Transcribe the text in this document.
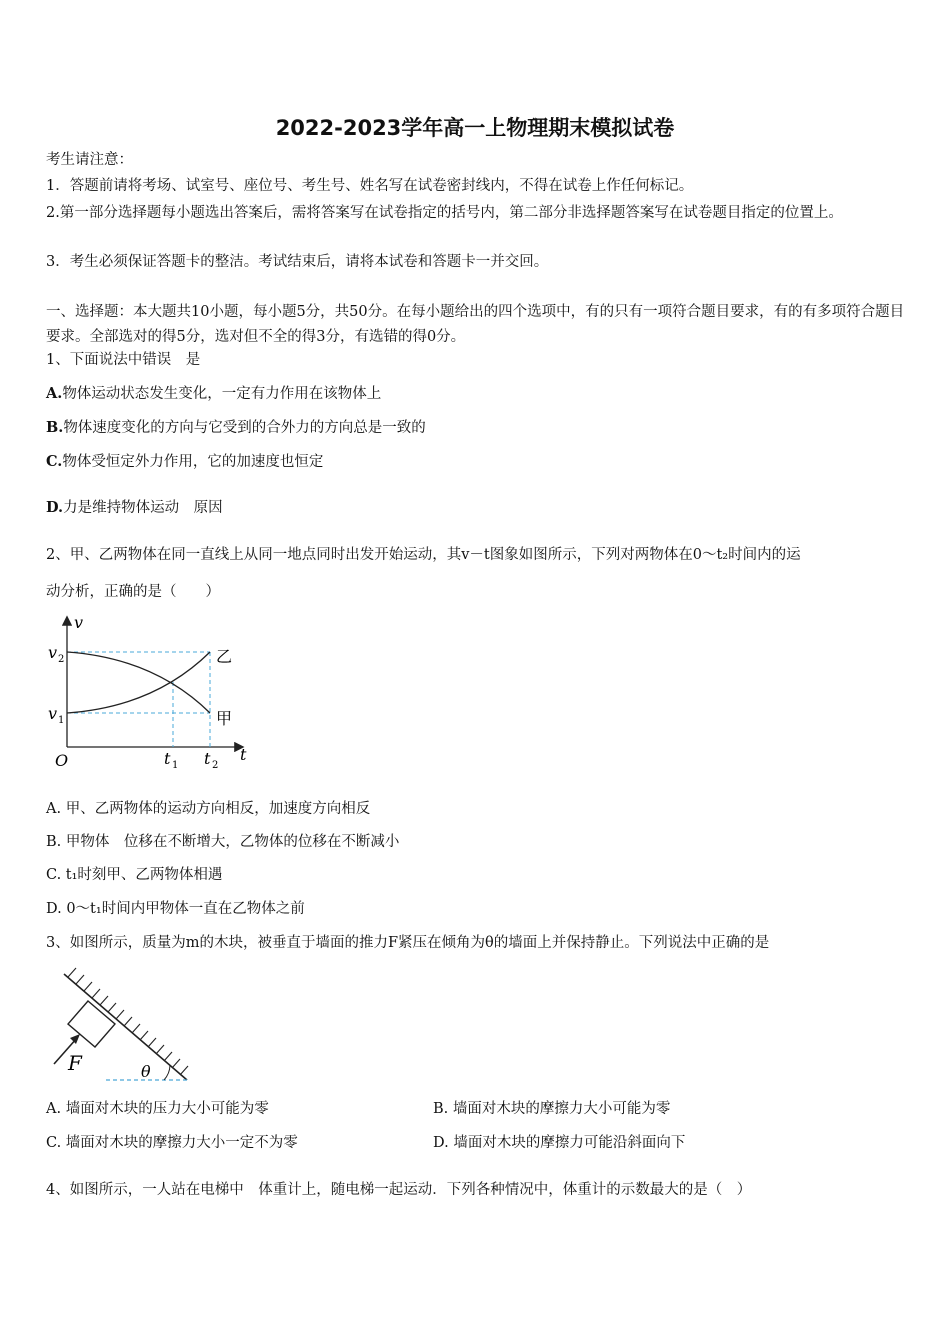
2022-2023学年高一上物理期末模拟试卷
考生请注意：
1．答题前请将考场、试室号、座位号、考生号、姓名写在试卷密封线内，不得在试卷上作任何标记。
2.第一部分选择题每小题选出答案后，需将答案写在试卷指定的括号内，第二部分非选择题答案写在试卷题目指定的位置上。
3．考生必须保证答题卡的整洁。考试结束后，请将本试卷和答题卡一并交回。
一、选择题：本大题共10小题，每小题5分，共50分。在每小题给出的四个选项中，有的只有一项符合题目要求，有的有多项符合题目要求。全部选对的得5分，选对但不全的得3分，有选错的得0分。
1、下面说法中错误　是
A.物体运动状态发生变化，一定有力作用在该物体上
B.物体速度变化的方向与它受到的合外力的方向总是一致的
C.物体受恒定外力作用，它的加速度也恒定
D.力是维持物体运动　原因
2、甲、乙两物体在同一直线上从同一地点同时出发开始运动，其v－t图象如图所示，下列对两物体在0～t₂时间内的运
动分析，正确的是（　　）
v
t
O
v 2
v 1
t 1 t 2
乙
甲
A. 甲、乙两物体的运动方向相反，加速度方向相反
B. 甲物体　位移在不断增大，乙物体的位移在不断减小
C. t₁时刻甲、乙两物体相遇
D. 0～t₁时间内甲物体一直在乙物体之前
3、如图所示，质量为m的木块，被垂直于墙面的推力F紧压在倾角为θ的墙面上并保持静止。下列说法中正确的是
F	θ
A. 墙面对木块的压力大小可能为零	B. 墙面对木块的摩擦力大小可能为零
C. 墙面对木块的摩擦力大小一定不为零	D. 墙面对木块的摩擦力可能沿斜面向下
4、如图所示，一人站在电梯中　体重计上，随电梯一起运动．下列各种情况中，体重计的示数最大的是（　）
